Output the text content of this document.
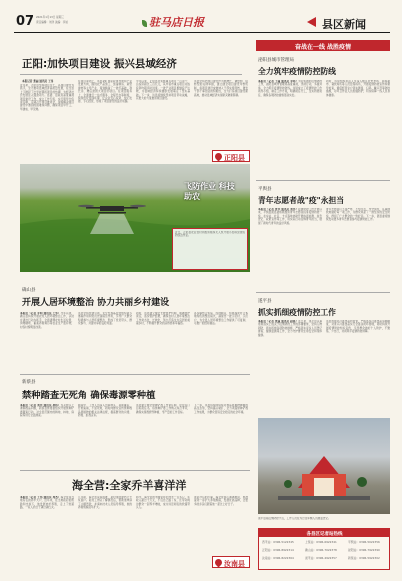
07 2021年1月13日 星期三
责任编辑：刘洋 美编：李旭	驻马店日报	县区新闻
正阳:加快项目建设 振兴县域经济
本报记者 张丽 通讯员 王伟
近年来，正阳县坚持项目为王，以项目建设为抓手，全力推动县域经济高质量发展，在全县上下掀起了比学赶超抓项目的热潮，为经济社会发展注入强劲动力。县委、县政府高度重视项目建设工作，成立工作专班，实行领导分包责任制，定期召开项目推进会，现场解决项目建设中遇到的困难和问题，确保项目早开工、早建成、早见效。
在项目谋划上，该县紧盯国家政策导向和产业发展方向，围绕农产品加工、装备制造、新型建材等主导产业，谋划储备了一批打基础、利长远、增后劲的大项目好项目。在项目服务上，全面推行一站式服务、全程代办等制度，持续优化营商环境，让企业安心投资、放心发展、专心经营，形成了项目建设的良好氛围。
今年以来，正阳县共实施重点项目一百余个，总投资超过三百亿元，其中省市重点项目完成投资均超序时进度。一批产业项目相继投产达效，为县域经济持续健康发展奠定了坚实基础。下一步，该县将继续坚持项目带动战略，以更大的力度推进项目建设。
该县坚持把项目建设作为稳增长、调结构、促转型的关键举措，建立健全项目建设考核机制，将项目建设成效纳入干部实绩考核，激发干部干事创业的积极性，全力打造项目建设新高地，推动县域经济实现新突破新跨越。
正阳县
飞防作业 科技助农
近日，正阳县农业农村局组织植保无人机开展小麦病虫害统防统治作业。
奋战在一线 战胜疫情
泌阳县城市管理局
全力筑牢疫情防控防线
本报讯（记者 王丽 通讯员 李明）为切实做好疫情防控工作，泌阳县城市管理局高度重视，迅速行动，多措并举，全力筑牢疫情防控防线。该局成立了疫情防控工作领导小组，制定工作方案，明确责任分工，压实防控责任，确保各项防控措施落到实处。
同时，该局组织执法人员深入辖区农贸市场、商场超市、餐饮场所等人员密集场所，开展疫情防控宣传和督导检查，督促经营业户落实测温、扫码、戴口罩等防控措施，对环卫作业人员加强防护，切实保障一线人员身体健康。
平舆县
青年志愿者战"疫"永担当
本报讯（记者 张华 通讯员 刘洋）疫情防控工作开展以来，平舆县团县委积极组织青年志愿者投身疫情防控一线，在车站、社区、卡点等地协助开展体温检测、信息登记、政策宣传等工作，用实际行动诠释青年担当，展现了新时代青年的良好风貌。
青年志愿者们不畏严寒、不怕辛苦，坚守岗位，认真细致地做好每一项工作，为群众筑起了一道坚实的安全防线，得到了广大群众的一致好评。下一步，团县委将继续发动更多青年志愿者参与疫情防控工作。
确山县
开展人居环境整治 协力共丽乡村建设
本报讯（记者 李明 通讯员 王华）今年以来，确山县持续开展农村人居环境整治工作，以村庄清洁行动为抓手，全面清理农村生活垃圾、沟渠塘坝、畜禽养殖粪污等农业生产废弃物，村容村貌明显改善。
该县坚持党建引领，充分发挥基层党组织战斗堡垒作用和党员先锋模范作用，引导广大群众积极参与人居环境整治，形成了党员带头、群众参与、共建共享的良好局面。
同时，该县建立健全长效管护机制，明确管护责任，落实管护经费，确保农村人居环境整治工作常态化、长效化，努力打造生态宜居的美丽乡村，不断提升群众的获得感和幸福感。
各乡镇结合实际，因地制宜，积极探索符合本地特色的整治模式，涌现出一批示范村、示范户，为全县人居环境整治工作提供了可复制、可推广的经验做法。
遂平县
抓实抓细疫情防控工作
本报讯（记者 张丽 通讯员 赵强）连日来，遂平县认真贯彻落实上级关于疫情防控工作的部署要求，坚持人物同防，抓实抓细各项防控措施，严格落实返乡人员登记排查、健康监测等工作，全力守护群众生命安全和身体健康。
该县加强对冷链食品的监管，严格落实冷链食品追溯制度，对进口冷链食品实行全链条闭环管理，同时持续开展疫情防控知识宣传，引导群众做好个人防护，不聚集、少出行，共同筑牢疫情防控屏障。
遂平县某疫情防控卡点，工作人员在为过往车辆人员测温登记。
各县区记者站热线
西平站：0396-5122345	上蔡站：0396-6922341	平舆站：0396-5022356
正阳站：0396-8922314	确山站：0396-7022378	泌阳站：0396-7922390
汝南站：0396-8222364	遂平站：0396-4922357	新蔡站：0396-5922302
新蔡县
禁种踏查无死角 确保毒源零种植
本报讯（记者 刘洋 通讯员 孙伟）为从源头上遏制毒品问题，新蔡县禁毒委组织开展禁种铲毒踏查行动，对全县范围内的耕地、林地、庭院等进行全面排查。
踏查中，工作人员深入田间地头、房前屋后，仔细查看，不留死角，同时向群众宣传禁种毒品原植物的相关法律法规，提高群众的识毒、防毒、拒毒意识。
该县建立健全禁种铲毒工作责任制，层层签订目标责任书，将禁种铲毒工作纳入综合考评，确保实现毒源零种植、零产量的工作目标。
下一步，该县将持续保持对毒品原植物种植的高压态势，坚持露头就打，全力巩固禁种铲毒工作成果，为群众营造安全稳定的社会环境。
海全营:全家乔羊喜洋洋
本报讯（记者 王伟 通讯员 周杰）海全营是当地有名的养羊大户，近年来，在当地政府的帮助和支持下，他发展肉羊养殖，走上了致富路，一家人的日子越过越红火。
几年前，海全营家庭困难，是村里的建档立卡贫困户。驻村工作队了解情况后，帮助他申请了小额贷款，并请来技术人员指导养殖，他的养殖规模逐年扩大。
如今，海全营的羊圈里存栏肉羊一百多只，年收入超过十万元，不仅自己脱了贫，还带动周边群众一起养羊增收，成为远近闻名的致富带头人。
谈起今后的打算，海全营信心满满地说，他准备进一步扩大养殖规模，发展优质品种，让更多的乡亲们跟着他一起过上好日子。
汝南县
